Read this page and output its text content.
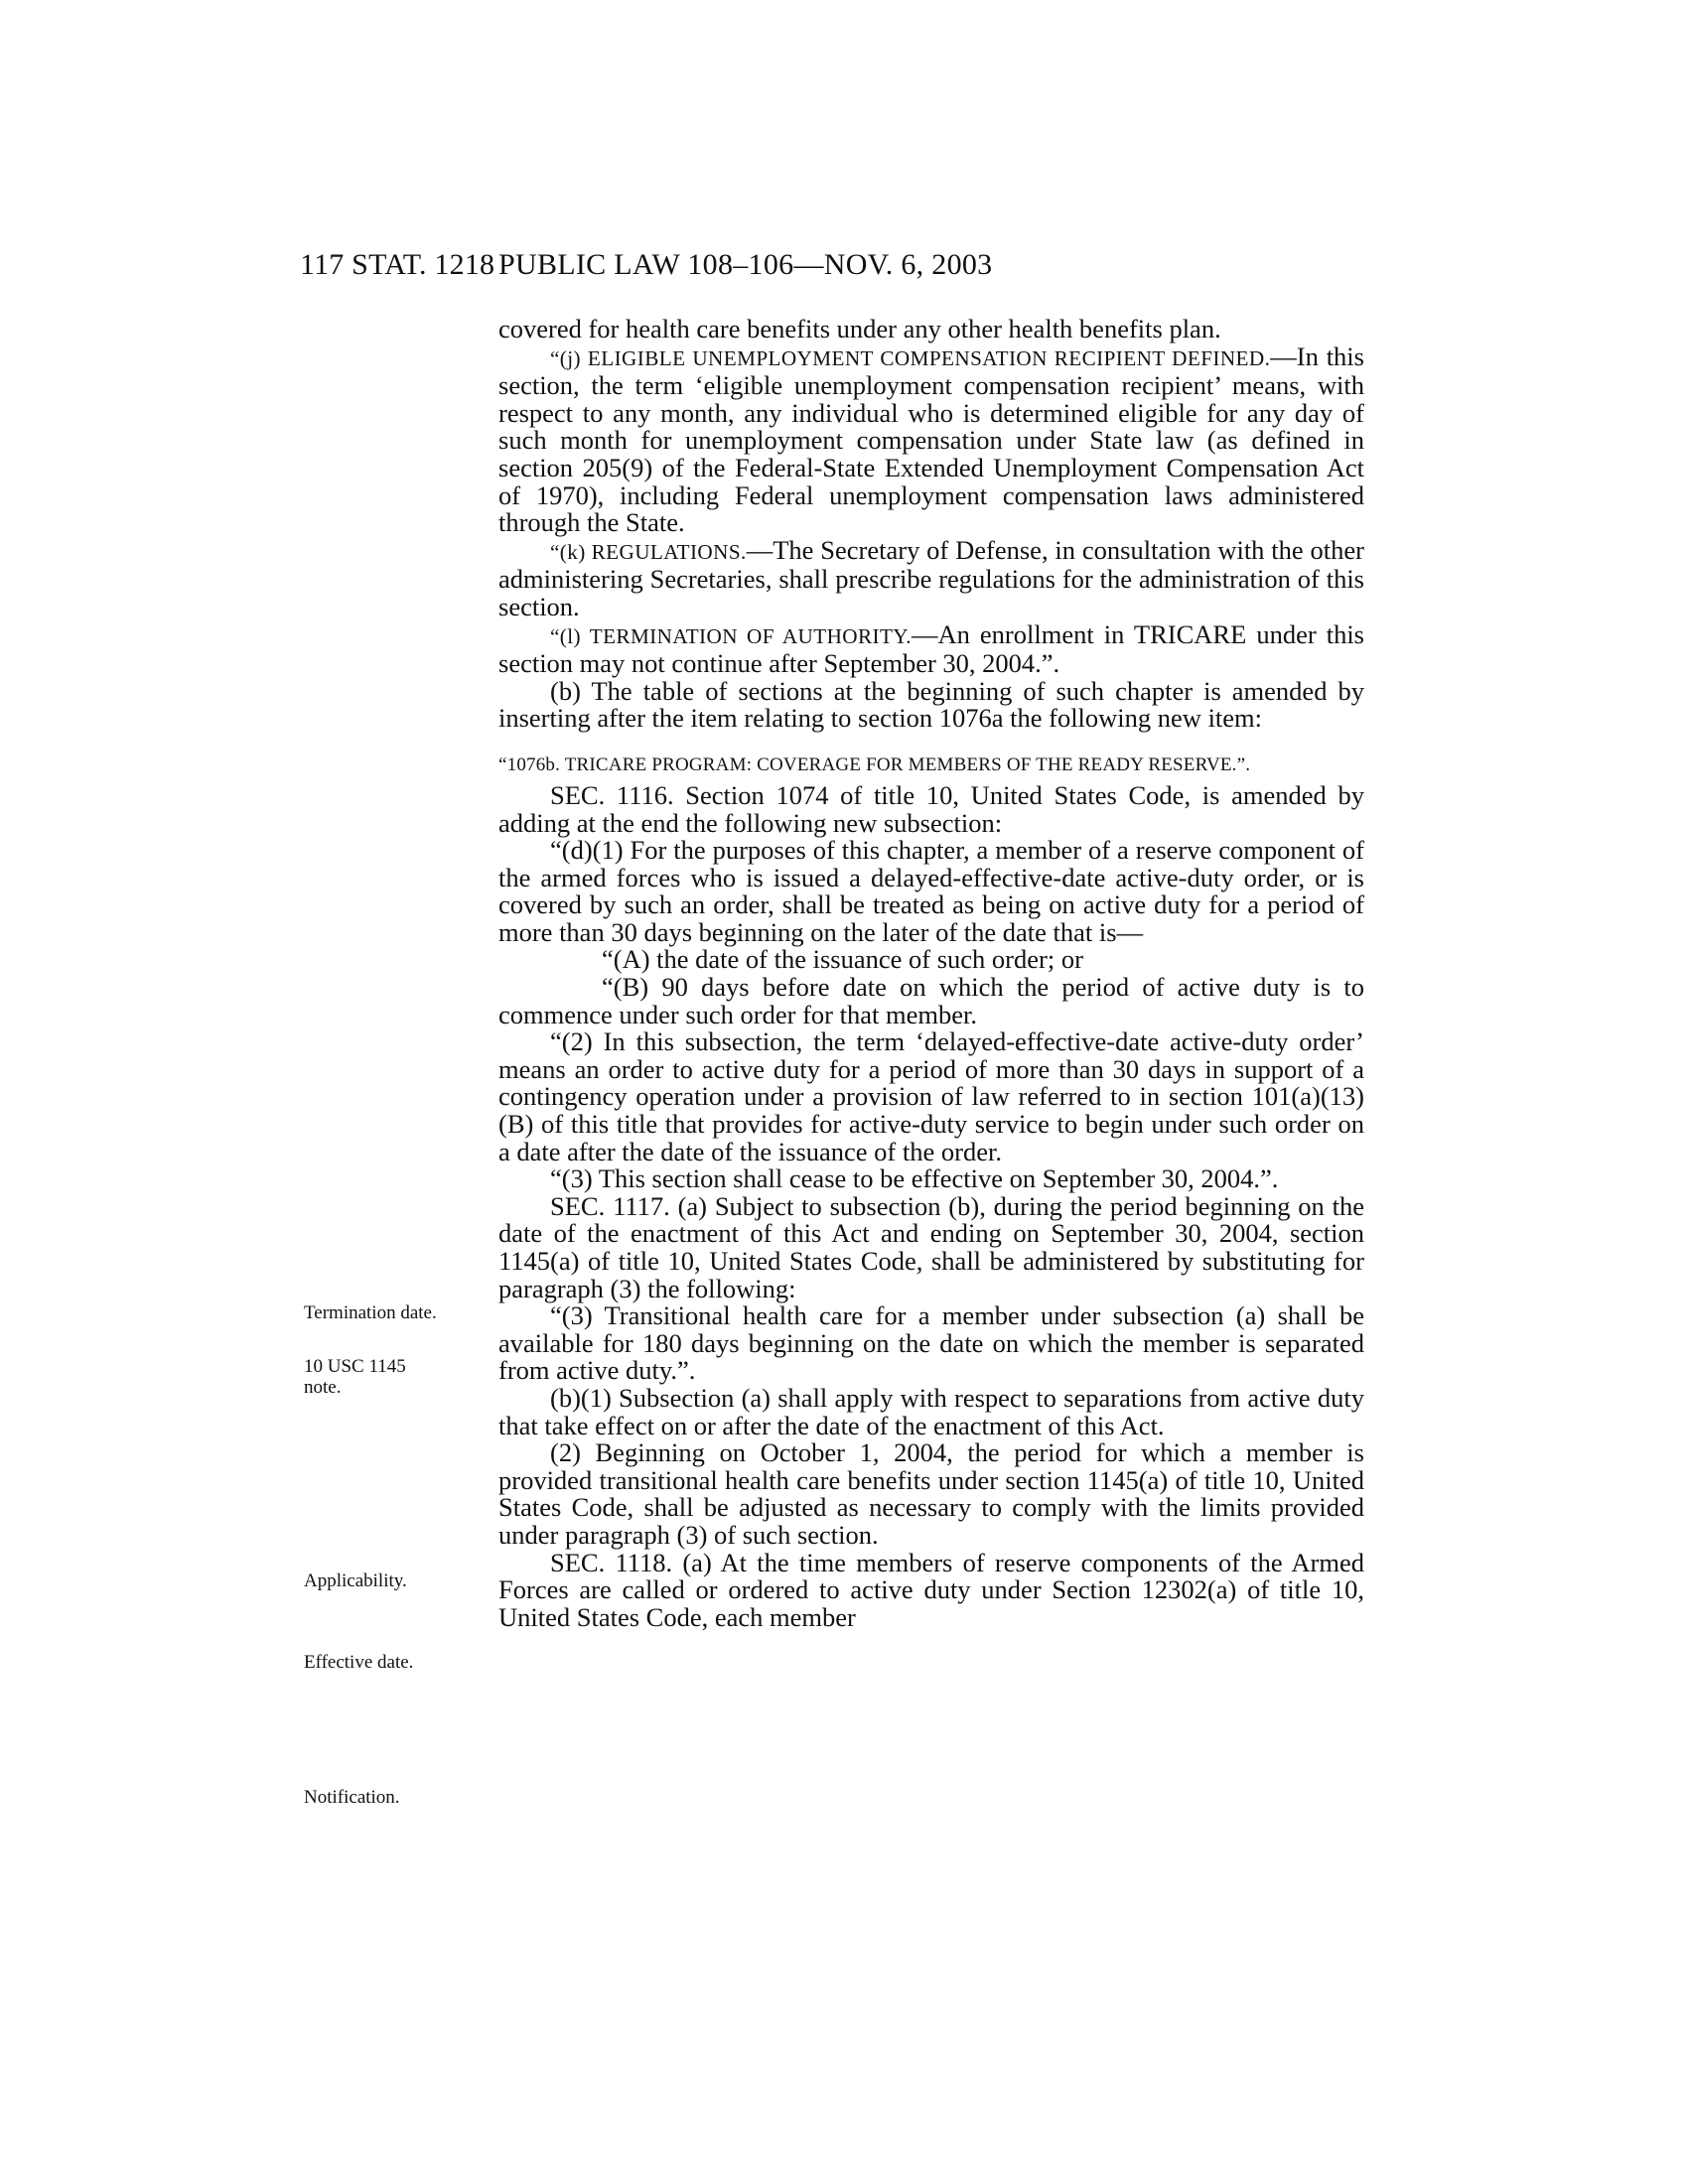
117 STAT. 1218 PUBLIC LAW 108–106—NOV. 6, 2003
Termination date.
10 USC 1145 note.
Applicability.
Effective date.
Notification.

covered for health care benefits under any other health benefits plan.

“(j) ELIGIBLE UNEMPLOYMENT COMPENSATION RECIPIENT DEFINED.—In this section, the term ‘eligible unemployment compensation recipient’ means, with respect to any month, any individual who is determined eligible for any day of such month for unemployment compensation under State law (as defined in section 205(9) of the Federal-State Extended Unemployment Compensation Act of 1970), including Federal unemployment compensation laws administered through the State.

“(k) REGULATIONS.—The Secretary of Defense, in consultation with the other administering Secretaries, shall prescribe regulations for the administration of this section.

“(l) TERMINATION OF AUTHORITY.—An enrollment in TRICARE under this section may not continue after September 30, 2004.”.

(b) The table of sections at the beginning of such chapter is amended by inserting after the item relating to section 1076a the following new item:

“1076b. TRICARE PROGRAM: COVERAGE FOR MEMBERS OF THE READY RESERVE.”.

SEC. 1116. Section 1074 of title 10, United States Code, is amended by adding at the end the following new subsection:

“(d)(1) For the purposes of this chapter, a member of a reserve component of the armed forces who is issued a delayed-effective-date active-duty order, or is covered by such an order, shall be treated as being on active duty for a period of more than 30 days beginning on the later of the date that is—

“(A) the date of the issuance of such order; or

“(B) 90 days before date on which the period of active duty is to commence under such order for that member.

“(2) In this subsection, the term ‘delayed-effective-date active-duty order’ means an order to active duty for a period of more than 30 days in support of a contingency operation under a provision of law referred to in section 101(a)(13)(B) of this title that provides for active-duty service to begin under such order on a date after the date of the issuance of the order.

“(3) This section shall cease to be effective on September 30, 2004.”.

SEC. 1117. (a) Subject to subsection (b), during the period beginning on the date of the enactment of this Act and ending on September 30, 2004, section 1145(a) of title 10, United States Code, shall be administered by substituting for paragraph (3) the following:

“(3) Transitional health care for a member under subsection (a) shall be available for 180 days beginning on the date on which the member is separated from active duty.”.

(b)(1) Subsection (a) shall apply with respect to separations from active duty that take effect on or after the date of the enactment of this Act.

(2) Beginning on October 1, 2004, the period for which a member is provided transitional health care benefits under section 1145(a) of title 10, United States Code, shall be adjusted as necessary to comply with the limits provided under paragraph (3) of such section.

SEC. 1118. (a) At the time members of reserve components of the Armed Forces are called or ordered to active duty under Section 12302(a) of title 10, United States Code, each member
